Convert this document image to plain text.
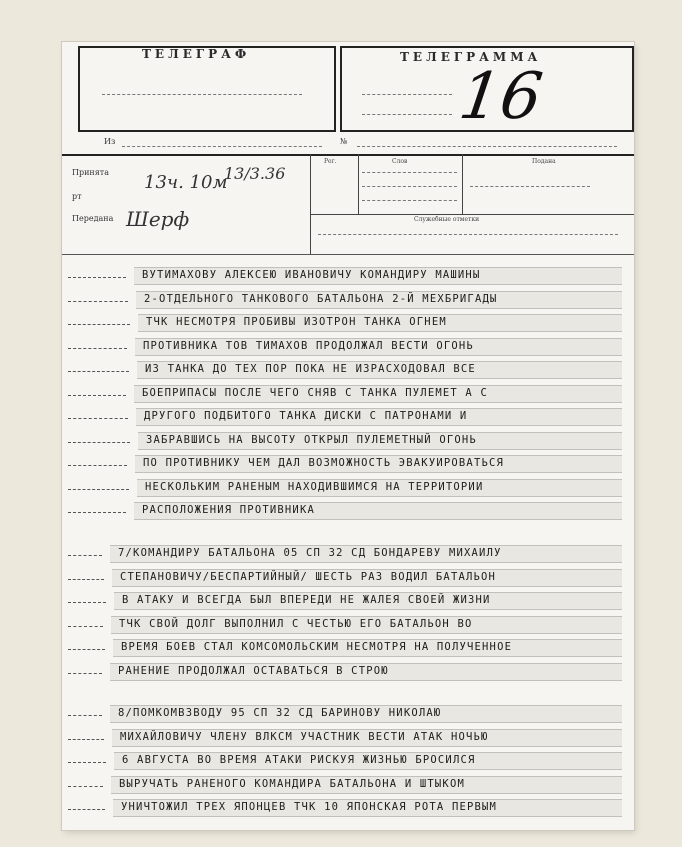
ТЕЛЕГРАФ	ТЕЛЕГРАММА
16
Из	№
Принята
рт
Передана
13ч. 10м
13/3.36
Шерф
Рег.	Слов	Подана
Служебные отметки
ВУТИМАХОВУ АЛЕКСЕЮ ИВАНОВИЧУ КОМАНДИРУ МАШИНЫ
2-ОТДЕЛЬНОГО ТАНКОВОГО БАТАЛЬОНА 2-Й МЕХБРИГАДЫ
ТЧК НЕСМОТРЯ ПРОБИВЫ ИЗОТРОН ТАНКА ОГНЕМ
ПРОТИВНИКА ТОВ ТИМАХОВ ПРОДОЛЖАЛ ВЕСТИ ОГОНЬ
ИЗ ТАНКА ДО ТЕХ ПОР ПОКА НЕ ИЗРАСХОДОВАЛ ВСЕ
БОЕПРИПАСЫ ПОСЛЕ ЧЕГО СНЯВ С ТАНКА ПУЛЕМЕТ А С
ДРУГОГО ПОДБИТОГО ТАНКА ДИСКИ С ПАТРОНАМИ И
ЗАБРАВШИСЬ НА ВЫСОТУ ОТКРЫЛ ПУЛЕМЕТНЫЙ ОГОНЬ
ПО ПРОТИВНИКУ ЧЕМ ДАЛ ВОЗМОЖНОСТЬ ЭВАКУИРОВАТЬСЯ
НЕСКОЛЬКИМ РАНЕНЫМ НАХОДИВШИМСЯ НА ТЕРРИТОРИИ
РАСПОЛОЖЕНИЯ ПРОТИВНИКА
7/КОМАНДИРУ БАТАЛЬОНА 05 СП 32 СД БОНДАРЕВУ МИХАИЛУ
СТЕПАНОВИЧУ/БЕСПАРТИЙНЫЙ/ ШЕСТЬ РАЗ ВОДИЛ БАТАЛЬОН
В АТАКУ И ВСЕГДА БЫЛ ВПЕРЕДИ НЕ ЖАЛЕЯ СВОЕЙ ЖИЗНИ
ТЧК СВОЙ ДОЛГ ВЫПОЛНИЛ С ЧЕСТЬЮ ЕГО БАТАЛЬОН ВО
ВРЕМЯ БОЕВ СТАЛ КОМСОМОЛЬСКИМ НЕСМОТРЯ НА ПОЛУЧЕННОЕ
РАНЕНИЕ ПРОДОЛЖАЛ ОСТАВАТЬСЯ В СТРОЮ
8/ПОМКОМВЗВОДУ 95 СП 32 СД БАРИНОВУ НИКОЛАЮ
МИХАЙЛОВИЧУ ЧЛЕНУ ВЛКСМ УЧАСТНИК ВЕСТИ АТАК НОЧЬЮ
6 АВГУСТА ВО ВРЕМЯ АТАКИ РИСКУЯ ЖИЗНЬЮ БРОСИЛСЯ
ВЫРУЧАТЬ РАНЕНОГО КОМАНДИРА БАТАЛЬОНА И ШТЫКОМ
УНИЧТОЖИЛ ТРЕХ ЯПОНЦЕВ ТЧК 10 ЯПОНСКАЯ РОТА ПЕРВЫМ
